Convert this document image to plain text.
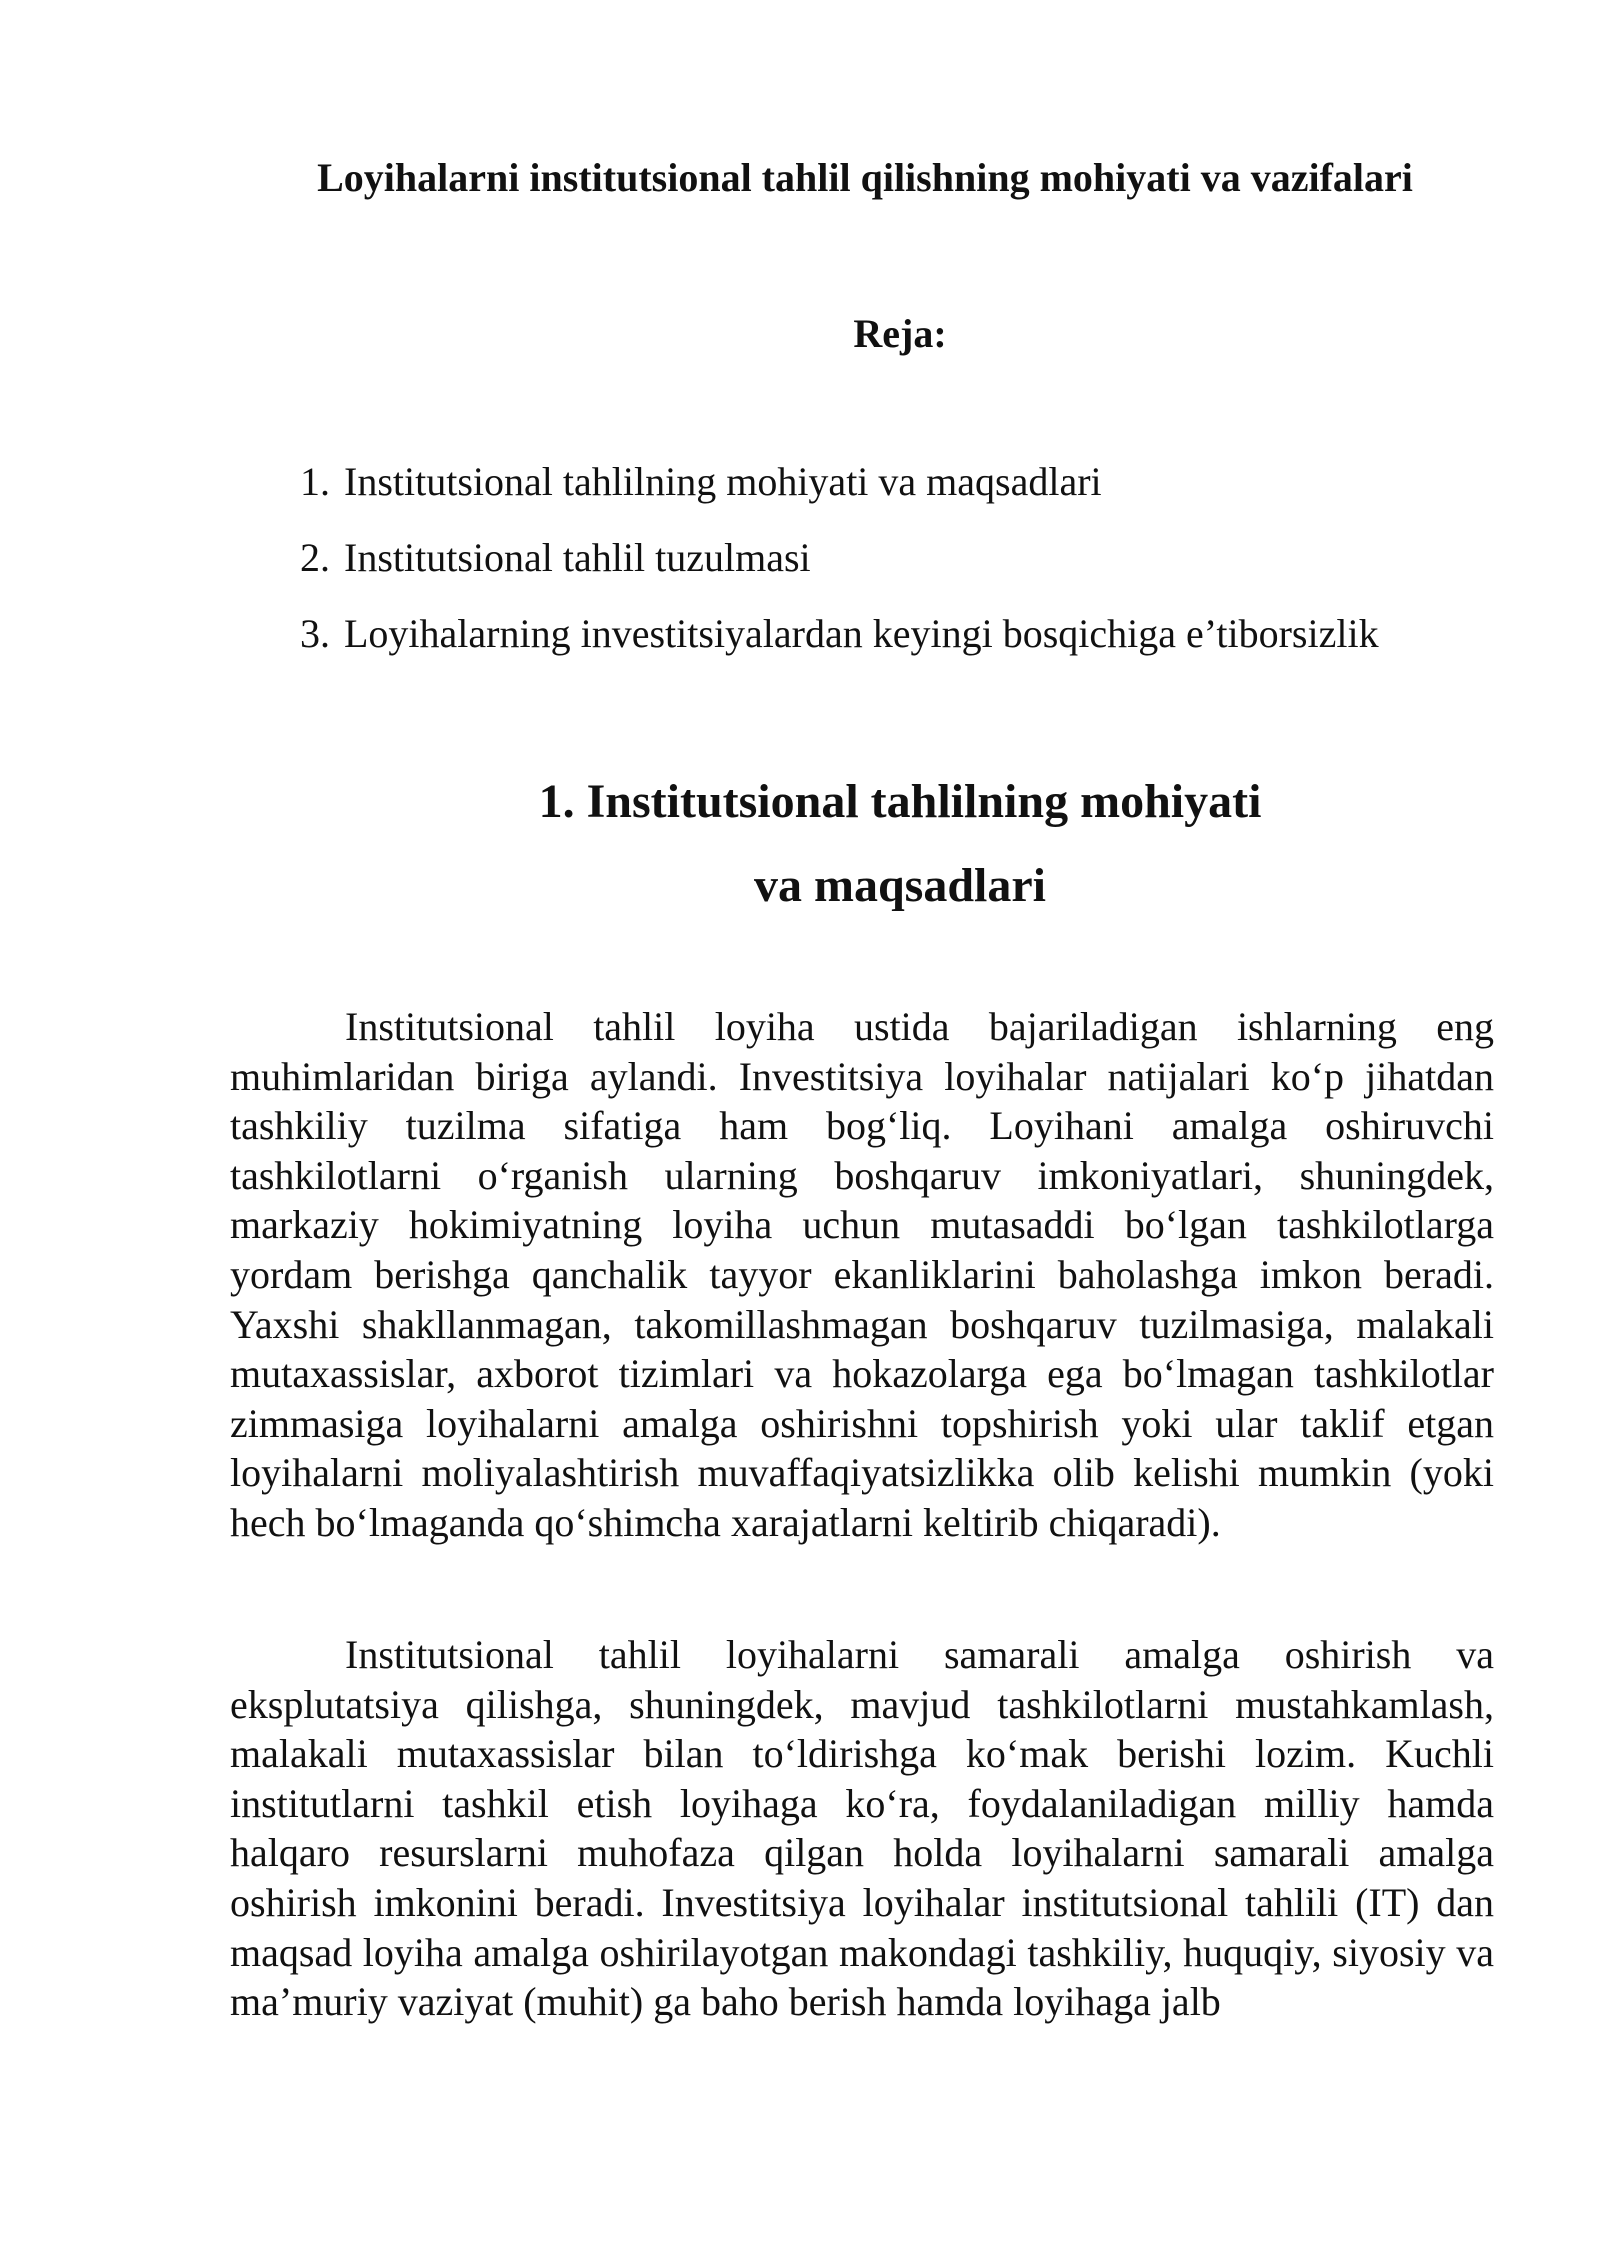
Loyihalarni institutsional tahlil qilishning mohiyati va vazifalari
Reja:
1. Institutsional tahlilning mohiyati va maqsadlari
2. Institutsional tahlil tuzulmasi
3. Loyihalarning investitsiyalardan keyingi bosqichiga e’tiborsizlik
1. Institutsional tahlilning mohiyati
va maqsadlari

Institutsional tahlil loyiha ustida bajariladigan ishlarning eng muhimlaridan biriga aylandi. Investitsiya loyihalar natijalari koʻp jihatdan tashkiliy tuzilma sifatiga ham bogʻliq. Loyihani amalga oshiruvchi tashkilotlarni oʻrganish ularning boshqaruv imkoniyatlari, shuningdek, markaziy hokimiyatning loyiha uchun mutasaddi boʻlgan tashkilotlarga yordam berishga qanchalik tayyor ekanliklarini baholashga imkon beradi. Yaxshi shakllanmagan, takomillashmagan boshqaruv tuzilmasiga, malakali mutaxassislar, axborot tizimlari va hokazolarga ega boʻlmagan tashkilotlar zimmasiga loyihalarni amalga oshirishni topshirish yoki ular taklif etgan loyihalarni moliyalashtirish muvaffaqiyatsizlikka olib kelishi mumkin (yoki hech boʻlmaganda qoʻshimcha xarajatlarni keltirib chiqaradi).

Institutsional tahlil loyihalarni samarali amalga oshirish va eksplutatsiya qilishga, shuningdek, mavjud tashkilotlarni mustahkamlash, malakali mutaxassislar bilan toʻldirishga koʻmak berishi lozim. Kuchli institutlarni tashkil etish loyihaga koʻra, foydalaniladigan milliy hamda halqaro resurslarni muhofaza qilgan holda loyihalarni samarali amalga oshirish imkonini beradi. Investitsiya loyihalar institutsional tahlili (IT) dan maqsad loyiha amalga oshirilayotgan makondagi tashkiliy, huquqiy, siyosiy va ma’muriy vaziyat (muhit) ga baho berish hamda loyihaga jalb
